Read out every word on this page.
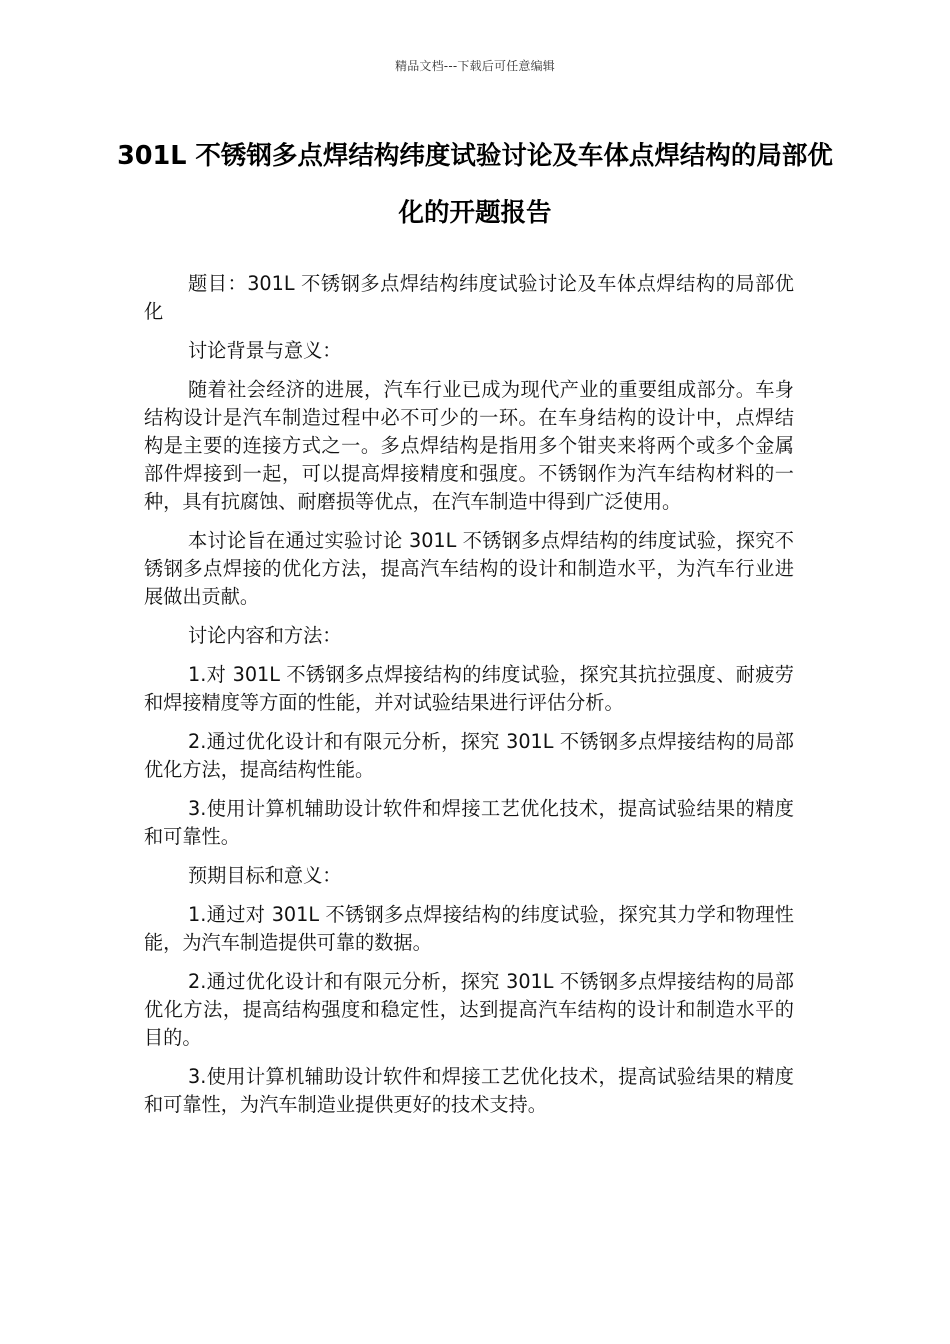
精品文档---下载后可任意编辑
301L 不锈钢多点焊结构纬度试验讨论及车体点焊结构的局部优化的开题报告

题目：301L 不锈钢多点焊结构纬度试验讨论及车体点焊结构的局部优化

讨论背景与意义：

随着社会经济的进展，汽车行业已成为现代产业的重要组成部分。车身结构设计是汽车制造过程中必不可少的一环。在车身结构的设计中，点焊结构是主要的连接方式之一。多点焊结构是指用多个钳夹来将两个或多个金属部件焊接到一起，可以提高焊接精度和强度。不锈钢作为汽车结构材料的一种，具有抗腐蚀、耐磨损等优点，在汽车制造中得到广泛使用。

本讨论旨在通过实验讨论 301L 不锈钢多点焊结构的纬度试验，探究不锈钢多点焊接的优化方法，提高汽车结构的设计和制造水平，为汽车行业进展做出贡献。

讨论内容和方法：

1.对 301L 不锈钢多点焊接结构的纬度试验，探究其抗拉强度、耐疲劳和焊接精度等方面的性能，并对试验结果进行评估分析。

2.通过优化设计和有限元分析，探究 301L 不锈钢多点焊接结构的局部优化方法，提高结构性能。

3.使用计算机辅助设计软件和焊接工艺优化技术，提高试验结果的精度和可靠性。

预期目标和意义：

1.通过对 301L 不锈钢多点焊接结构的纬度试验，探究其力学和物理性能，为汽车制造提供可靠的数据。

2.通过优化设计和有限元分析，探究 301L 不锈钢多点焊接结构的局部优化方法，提高结构强度和稳定性，达到提高汽车结构的设计和制造水平的目的。

3.使用计算机辅助设计软件和焊接工艺优化技术，提高试验结果的精度和可靠性，为汽车制造业提供更好的技术支持。
